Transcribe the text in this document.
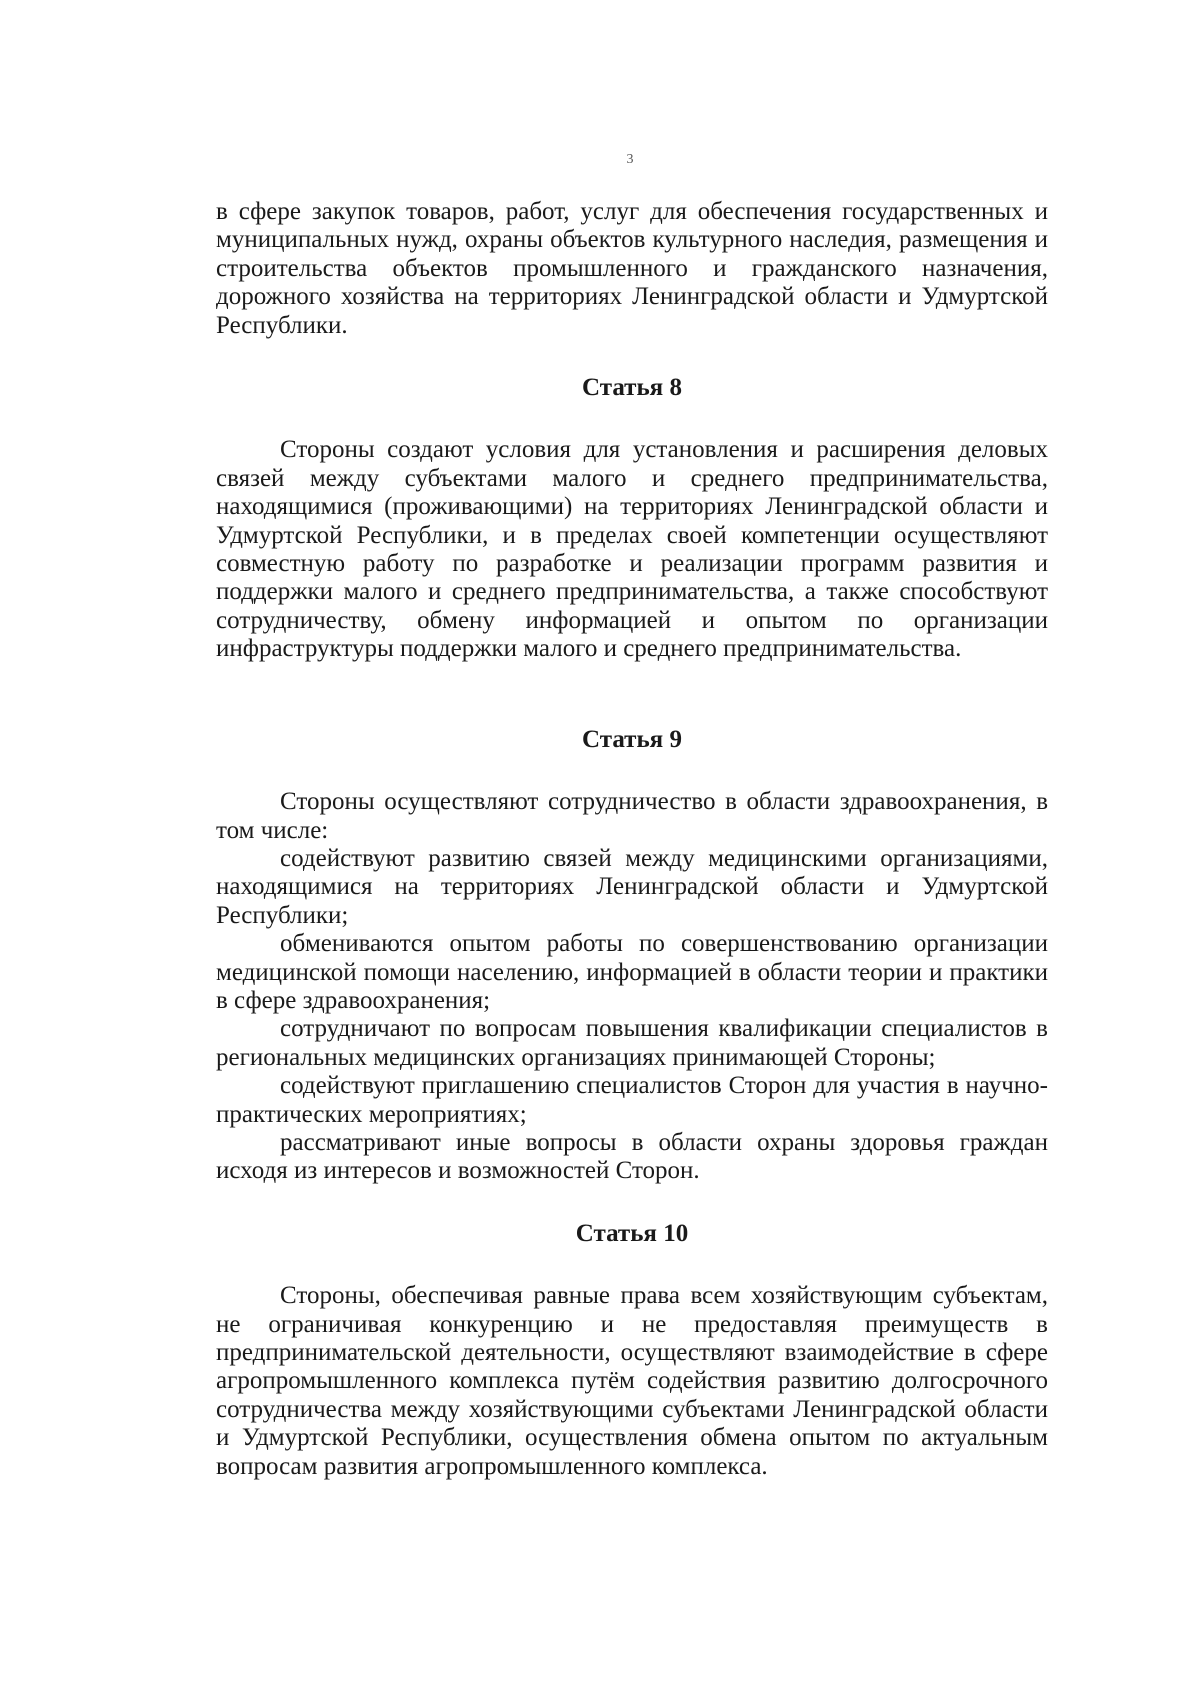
3

в сфере закупок товаров, работ, услуг для обеспечения государственных и муниципальных нужд, охраны объектов культурного наследия, размещения и строительства объектов промышленного и гражданского назначения, дорожного хозяйства на территориях Ленинградской области и Удмуртской Республики.

Статья 8

Стороны создают условия для установления и расширения деловых связей между субъектами малого и среднего предпринимательства, находящимися (проживающими) на территориях Ленинградской области и Удмуртской Республики, и в пределах своей компетенции осуществляют совместную работу по разработке и реализации программ развития и поддержки малого и среднего предпринимательства, а также способствуют сотрудничеству, обмену информацией и опытом по организации инфраструктуры поддержки малого и среднего предпринимательства.

Статья 9

Стороны осуществляют сотрудничество в области здравоохранения, в том числе:

содействуют развитию связей между медицинскими организациями, находящимися на территориях Ленинградской области и Удмуртской Республики;

обмениваются опытом работы по совершенствованию организации медицинской помощи населению, информацией в области теории и практики в сфере здравоохранения;

сотрудничают по вопросам повышения квалификации специалистов в региональных медицинских организациях принимающей Стороны;

содействуют приглашению специалистов Сторон для участия в научно-практических мероприятиях;

рассматривают иные вопросы в области охраны здоровья граждан исходя из интересов и возможностей Сторон.

Статья 10

Стороны, обеспечивая равные права всем хозяйствующим субъектам, не ограничивая конкуренцию и не предоставляя преимуществ в предпринимательской деятельности, осуществляют взаимодействие в сфере агропромышленного комплекса путём содействия развитию долгосрочного сотрудничества между хозяйствующими субъектами Ленинградской области и Удмуртской Республики, осуществления обмена опытом по актуальным вопросам развития агропромышленного комплекса.
